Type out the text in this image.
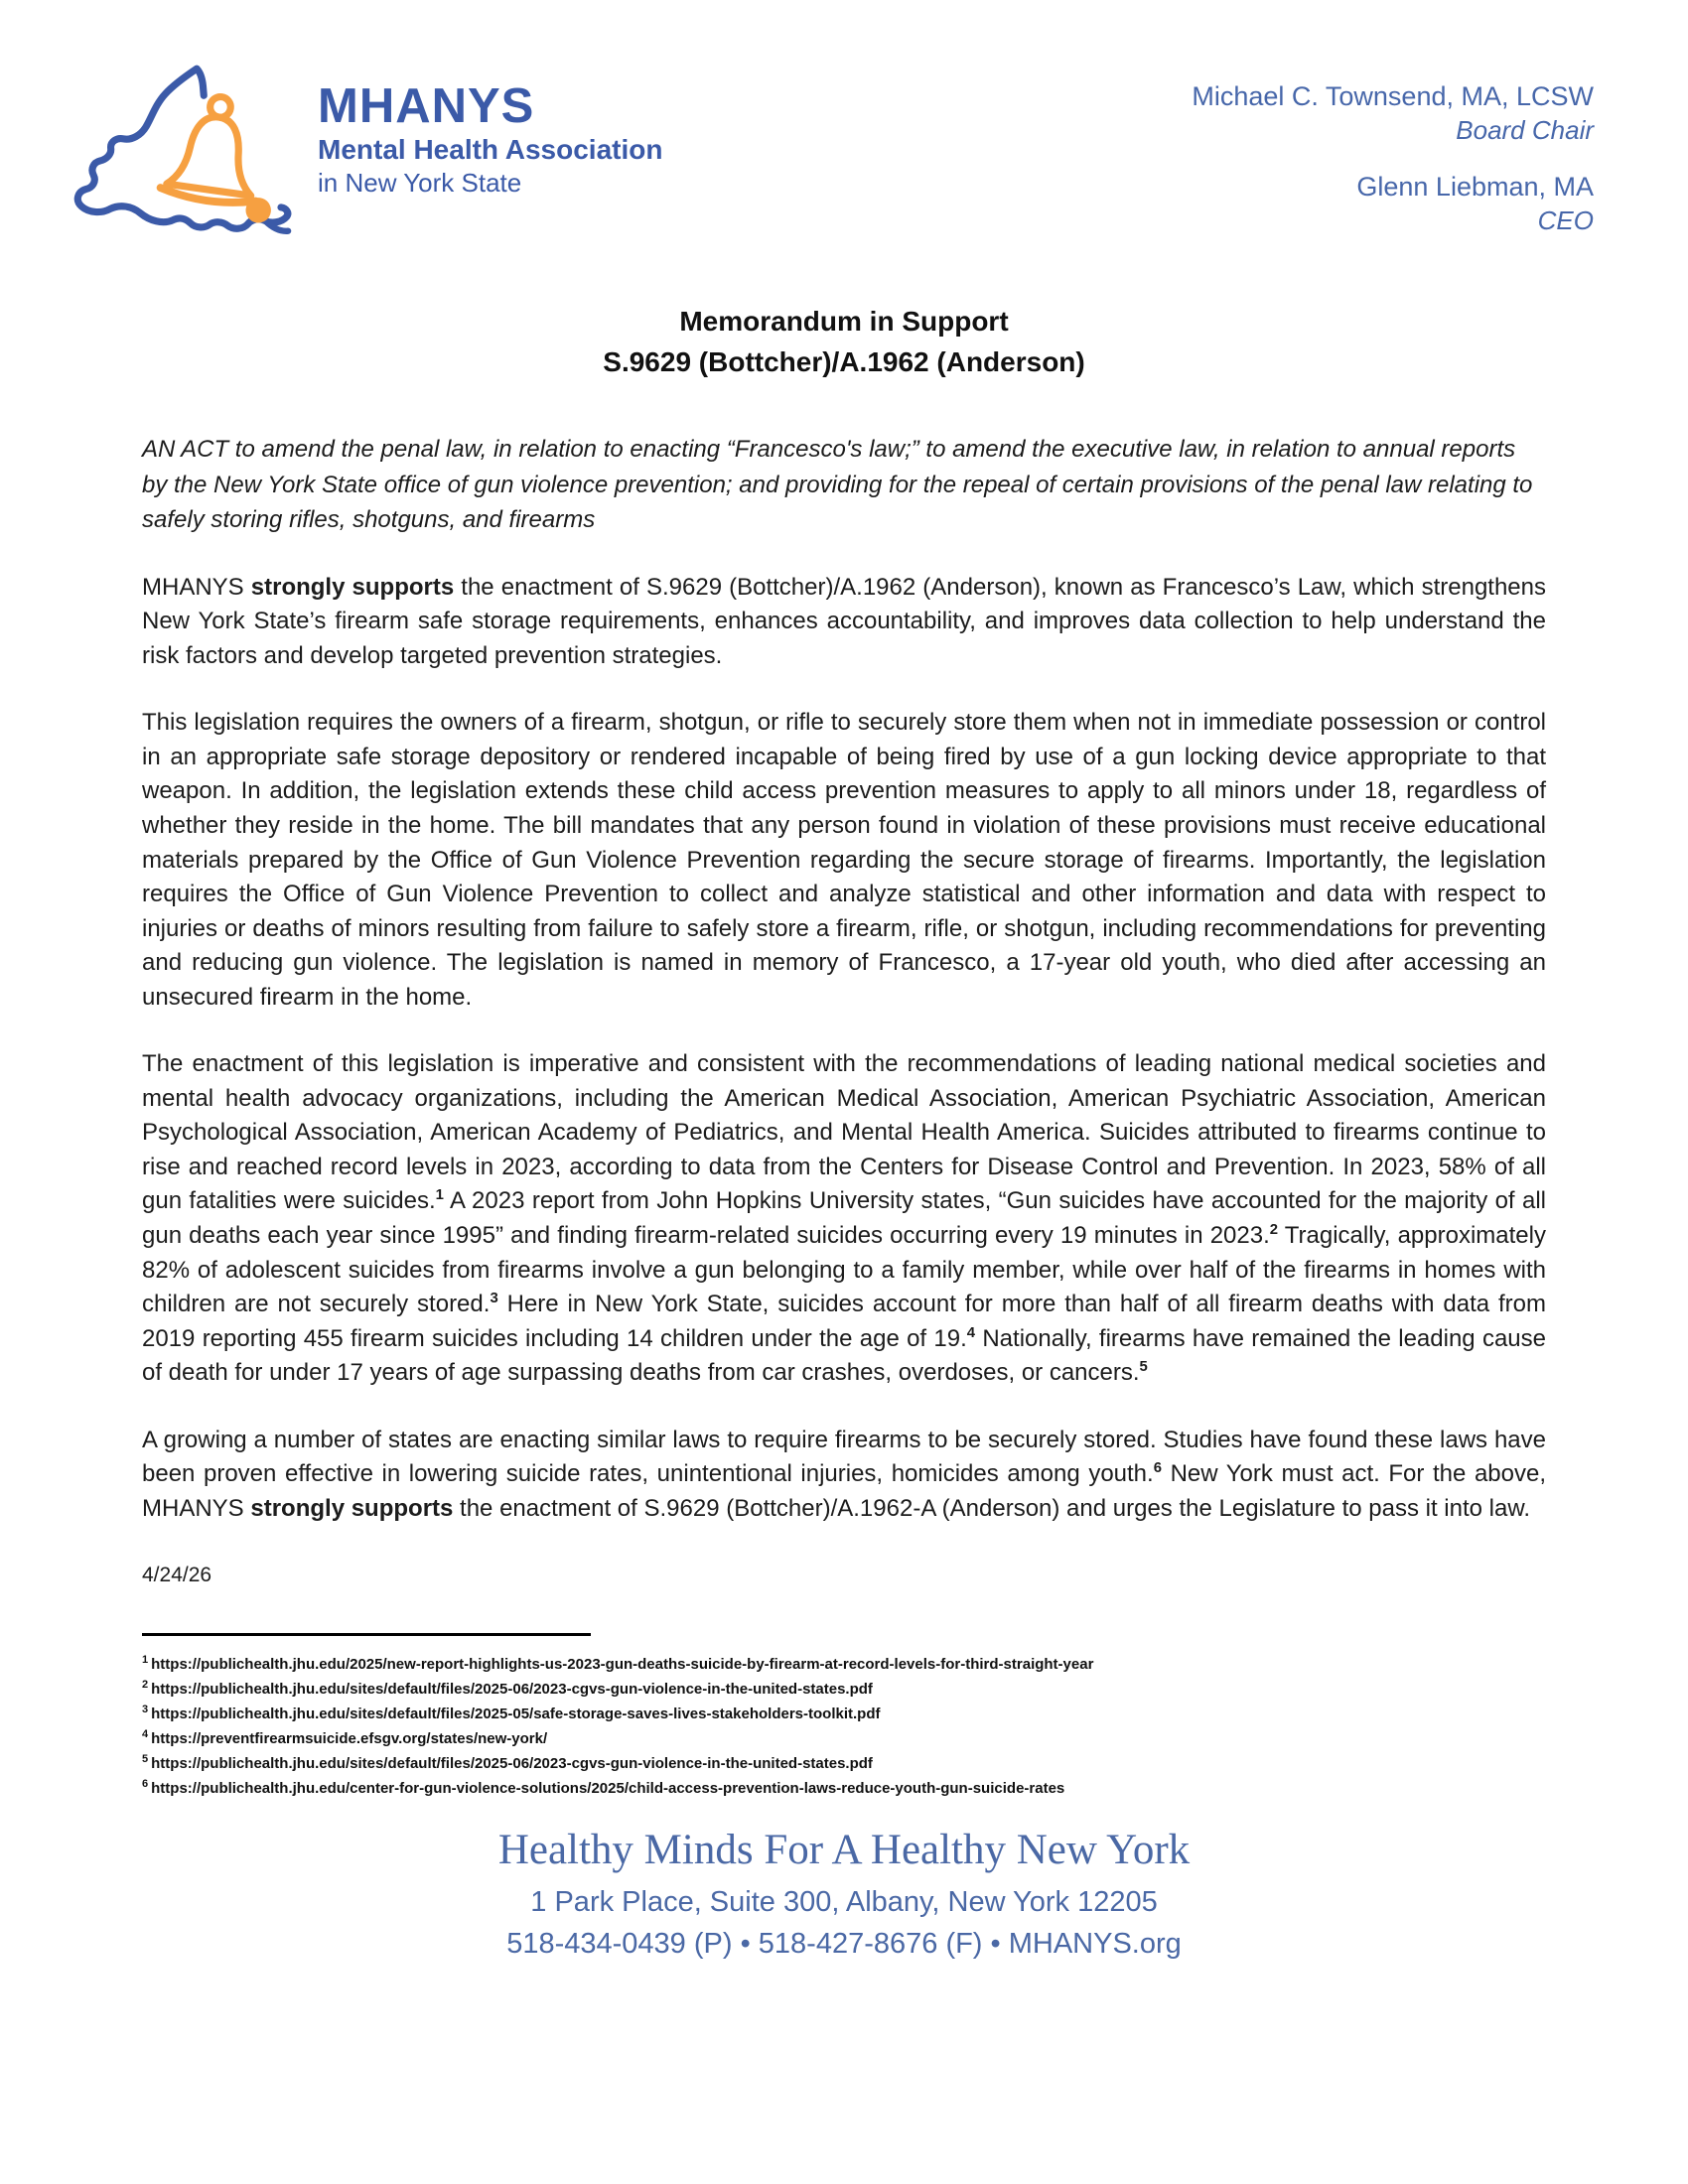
MHANYS
Mental Health Association
in New York State
Michael C. Townsend, MA, LCSW
Board Chair
Glenn Liebman, MA
CEO
Memorandum in Support
S.9629 (Bottcher)/A.1962 (Anderson)

AN ACT to amend the penal law, in relation to enacting “Francesco's law;” to amend the executive law, in relation to annual reports by the New York State office of gun violence prevention; and providing for the repeal of certain provisions of the penal law relating to safely storing rifles, shotguns, and firearms

MHANYS strongly supports the enactment of S.9629 (Bottcher)/A.1962 (Anderson), known as Francesco’s Law, which strengthens New York State’s firearm safe storage requirements, enhances accountability, and improves data collection to help understand the risk factors and develop targeted prevention strategies.

This legislation requires the owners of a firearm, shotgun, or rifle to securely store them when not in immediate possession or control in an appropriate safe storage depository or rendered incapable of being fired by use of a gun locking device appropriate to that weapon. In addition, the legislation extends these child access prevention measures to apply to all minors under 18, regardless of whether they reside in the home. The bill mandates that any person found in violation of these provisions must receive educational materials prepared by the Office of Gun Violence Prevention regarding the secure storage of firearms. Importantly, the legislation requires the Office of Gun Violence Prevention to collect and analyze statistical and other information and data with respect to injuries or deaths of minors resulting from failure to safely store a firearm, rifle, or shotgun, including recommendations for preventing and reducing gun violence. The legislation is named in memory of Francesco, a 17-year old youth, who died after accessing an unsecured firearm in the home.

The enactment of this legislation is imperative and consistent with the recommendations of leading national medical societies and mental health advocacy organizations, including the American Medical Association, American Psychiatric Association, American Psychological Association, American Academy of Pediatrics, and Mental Health America. Suicides attributed to firearms continue to rise and reached record levels in 2023, according to data from the Centers for Disease Control and Prevention. In 2023, 58% of all gun fatalities were suicides.$^1$ A 2023 report from John Hopkins University states, “Gun suicides have accounted for the majority of all gun deaths each year since 1995” and finding firearm-related suicides occurring every 19 minutes in 2023.$^2$ Tragically, approximately 82% of adolescent suicides from firearms involve a gun belonging to a family member, while over half of the firearms in homes with children are not securely stored.$^3$ Here in New York State, suicides account for more than half of all firearm deaths with data from 2019 reporting 455 firearm suicides including 14 children under the age of 19.$^4$ Nationally, firearms have remained the leading cause of death for under 17 years of age surpassing deaths from car crashes, overdoses, or cancers.$^5$

A growing a number of states are enacting similar laws to require firearms to be securely stored. Studies have found these laws have been proven effective in lowering suicide rates, unintentional injuries, homicides among youth.$^6$ New York must act. For the above, MHANYS strongly supports the enactment of S.9629 (Bottcher)/A.1962-A (Anderson) and urges the Legislature to pass it into law.

4/24/26
$^1$ https://publichealth.jhu.edu/2025/new-report-highlights-us-2023-gun-deaths-suicide-by-firearm-at-record-levels-for-third-straight-year
$^2$ https://publichealth.jhu.edu/sites/default/files/2025-06/2023-cgvs-gun-violence-in-the-united-states.pdf
$^3$ https://publichealth.jhu.edu/sites/default/files/2025-05/safe-storage-saves-lives-stakeholders-toolkit.pdf
$^4$ https://preventfirearmsuicide.efsgv.org/states/new-york/
$^5$ https://publichealth.jhu.edu/sites/default/files/2025-06/2023-cgvs-gun-violence-in-the-united-states.pdf
$^6$ https://publichealth.jhu.edu/center-for-gun-violence-solutions/2025/child-access-prevention-laws-reduce-youth-gun-suicide-rates
Healthy Minds For A Healthy New York
1 Park Place, Suite 300, Albany, New York 12205
518-434-0439 (P) • 518-427-8676 (F) • MHANYS.org
